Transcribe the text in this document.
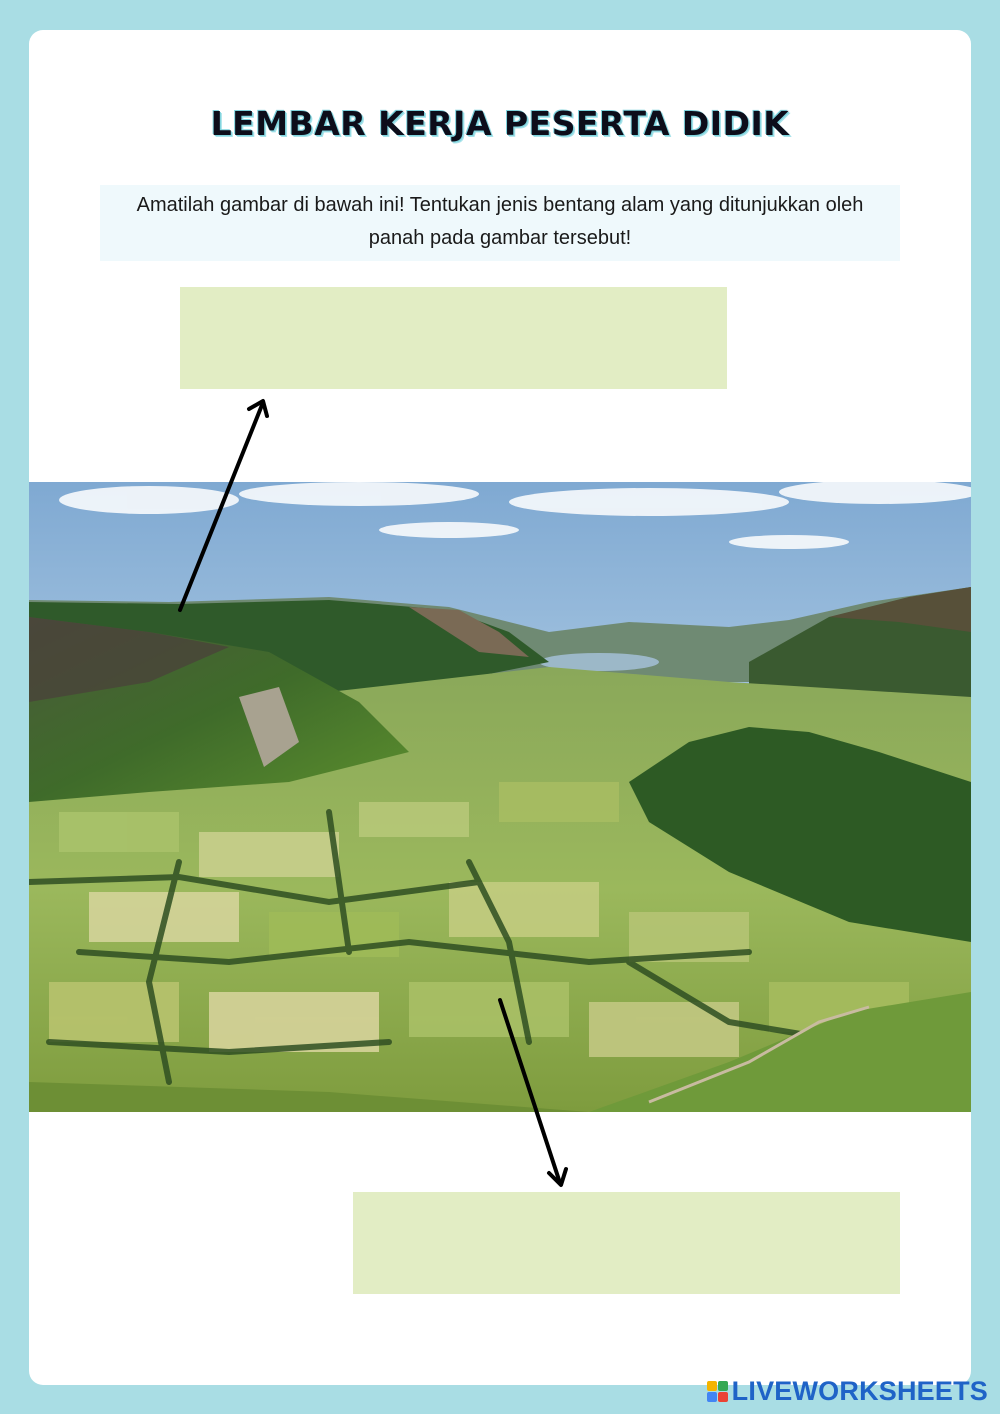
LEMBAR KERJA PESERTA DIDIK
Amatilah gambar di bawah ini! Tentukan jenis bentang alam yang ditunjukkan oleh panah pada gambar tersebut!
LIVEWORKSHEETS
